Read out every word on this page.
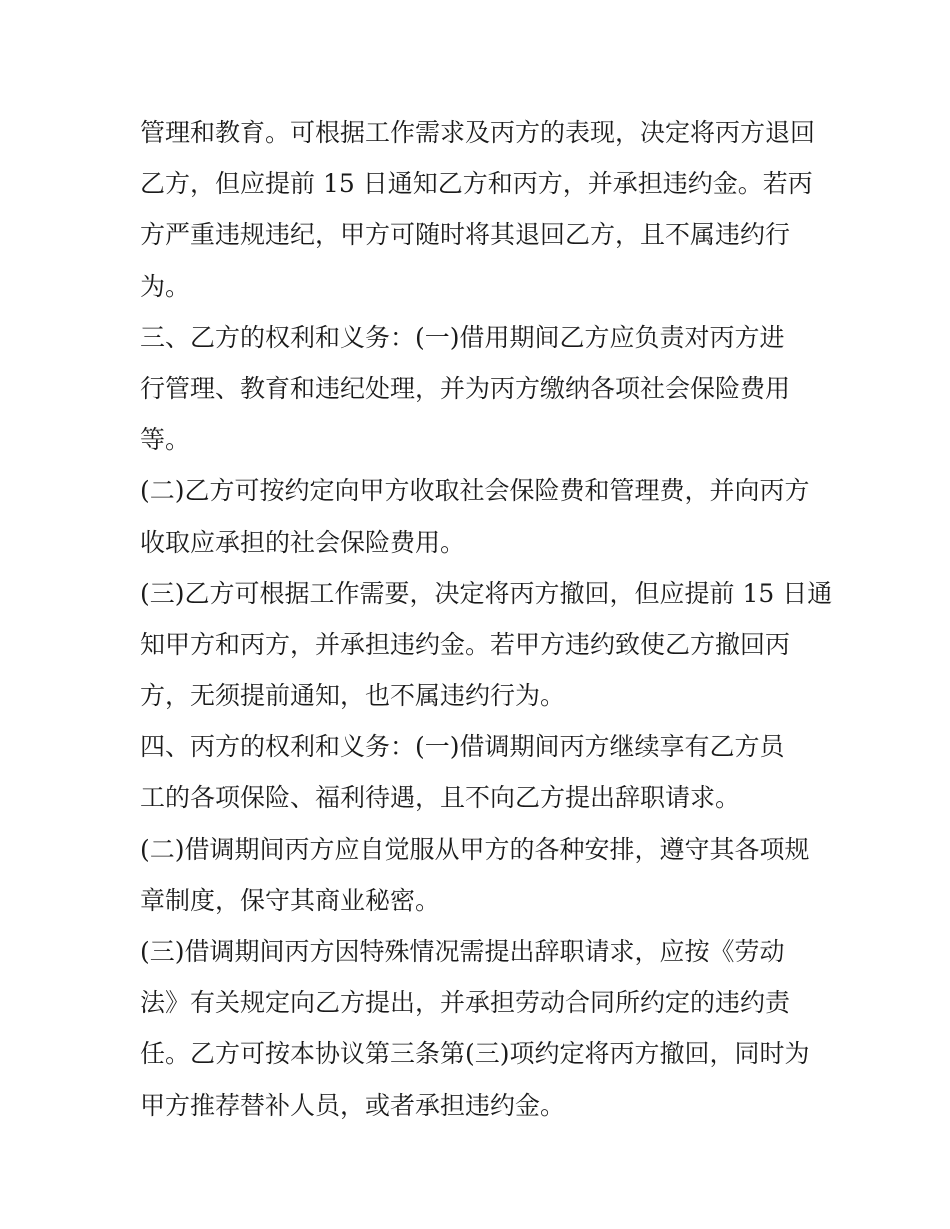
管理和教育。可根据工作需求及丙方的表现，决定将丙方退回
乙方，但应提前 15 日通知乙方和丙方，并承担违约金。若丙
方严重违规违纪，甲方可随时将其退回乙方，且不属违约行
为。
三、乙方的权利和义务：(一)借用期间乙方应负责对丙方进
行管理、教育和违纪处理，并为丙方缴纳各项社会保险费用
等。
(二)乙方可按约定向甲方收取社会保险费和管理费，并向丙方
收取应承担的社会保险费用。
(三)乙方可根据工作需要，决定将丙方撤回，但应提前 15 日通
知甲方和丙方，并承担违约金。若甲方违约致使乙方撤回丙
方，无须提前通知，也不属违约行为。
四、丙方的权利和义务：(一)借调期间丙方继续享有乙方员
工的各项保险、福利待遇，且不向乙方提出辞职请求。
(二)借调期间丙方应自觉服从甲方的各种安排，遵守其各项规
章制度，保守其商业秘密。
(三)借调期间丙方因特殊情况需提出辞职请求，应按《劳动
法》有关规定向乙方提出，并承担劳动合同所约定的违约责
任。乙方可按本协议第三条第(三)项约定将丙方撤回，同时为
甲方推荐替补人员，或者承担违约金。
